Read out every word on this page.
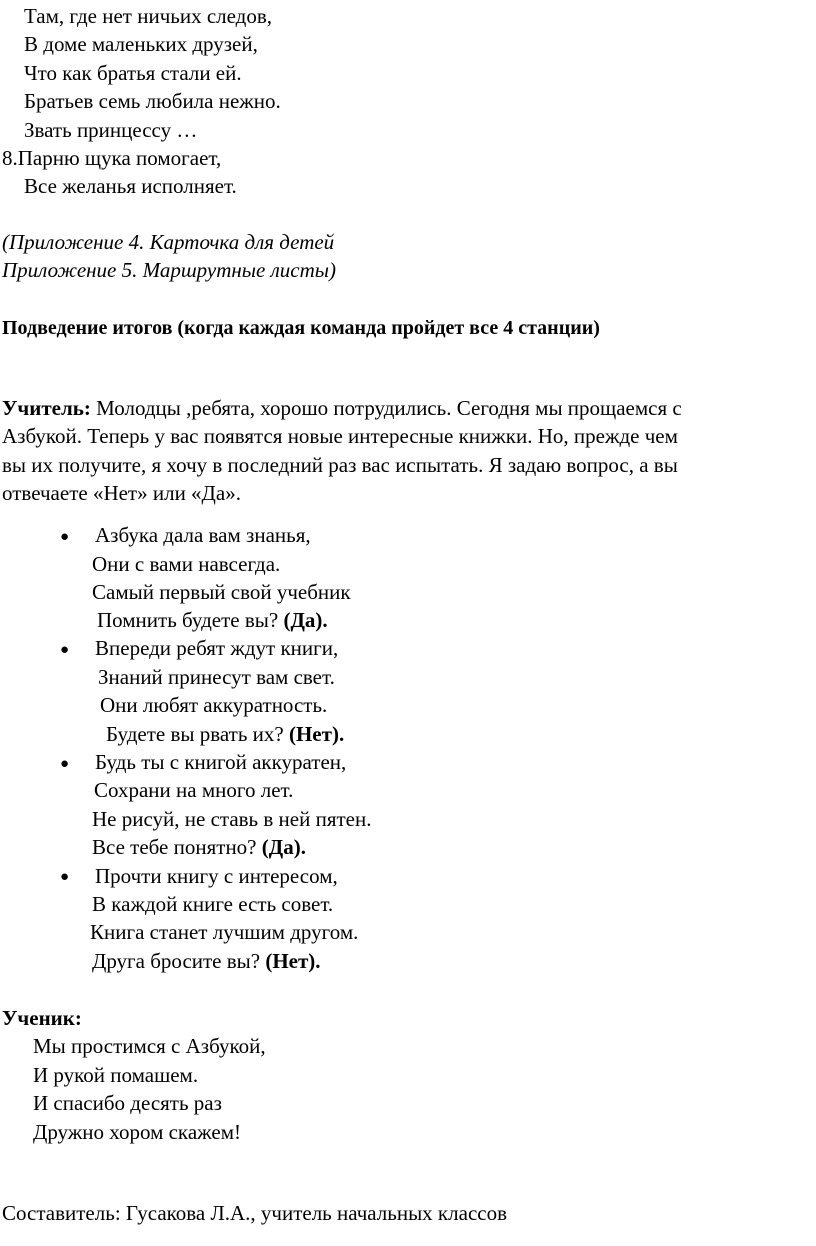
Там, где нет ничьих следов,
В доме маленьких друзей,
Что как братья стали ей.
Братьев семь любила нежно.
Звать принцессу …
8.Парню щука помогает,
Все желанья исполняет.
(Приложение 4. Карточка для детей
Приложение 5. Маршрутные листы)
Подведение итогов (когда каждая команда пройдет все 4 станции)
Учитель: Молодцы ,ребята, хорошо потрудились. Сегодня мы прощаемся с
Азбукой. Теперь у вас появятся новые интересные книжки. Но, прежде чем
вы их получите, я хочу в последний раз вас испытать. Я задаю вопрос, а вы
отвечаете «Нет» или «Да».
● Азбука дала вам знанья,
Они с вами навсегда.
Самый первый свой учебник
Помнить будете вы? (Да).
● Впереди ребят ждут книги,
Знаний принесут вам свет.
Они любят аккуратность.
Будете вы рвать их? (Нет).
● Будь ты с книгой аккуратен,
Сохрани на много лет.
Не рисуй, не ставь в ней пятен.
Все тебе понятно? (Да).
● Прочти книгу с интересом,
В каждой книге есть совет.
Книга станет лучшим другом.
Друга бросите вы? (Нет).
Ученик:
Мы простимся с Азбукой,
И рукой помашем.
И спасибо десять раз
Дружно хором скажем!
Составитель: Гусакова Л.А., учитель начальных классов
